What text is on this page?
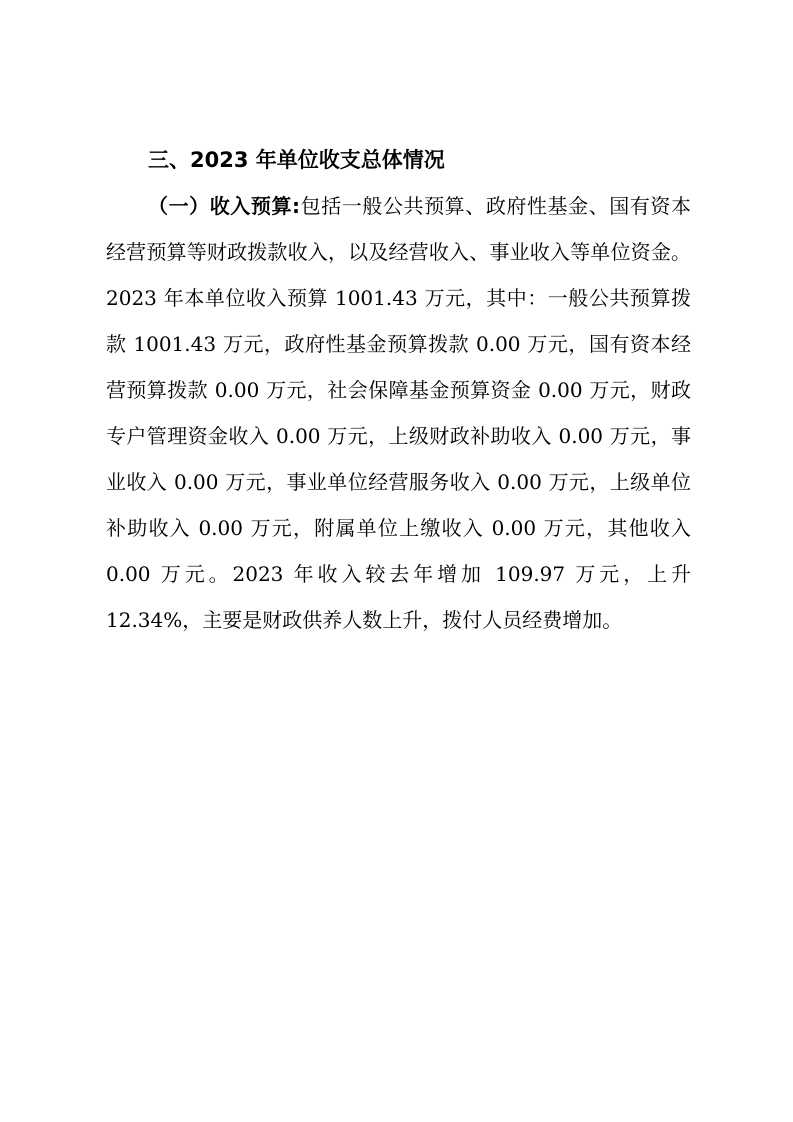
三、2023 年单位收支总体情况

（一）收入预算:包括一般公共预算、政府性基金、国有资本经营预算等财政拨款收入，以及经营收入、事业收入等单位资金。2023 年本单位收入预算 1001.43 万元，其中：一般公共预算拨款 1001.43 万元，政府性基金预算拨款 0.00 万元，国有资本经营预算拨款 0.00 万元，社会保障基金预算资金 0.00 万元，财政专户管理资金收入 0.00 万元，上级财政补助收入 0.00 万元，事业收入 0.00 万元，事业单位经营服务收入 0.00 万元，上级单位补助收入 0.00 万元，附属单位上缴收入 0.00 万元，其他收入 0.00 万元。2023 年收入较去年增加 109.97 万元，上升 12.34%，主要是财政供养人数上升，拨付人员经费增加。
